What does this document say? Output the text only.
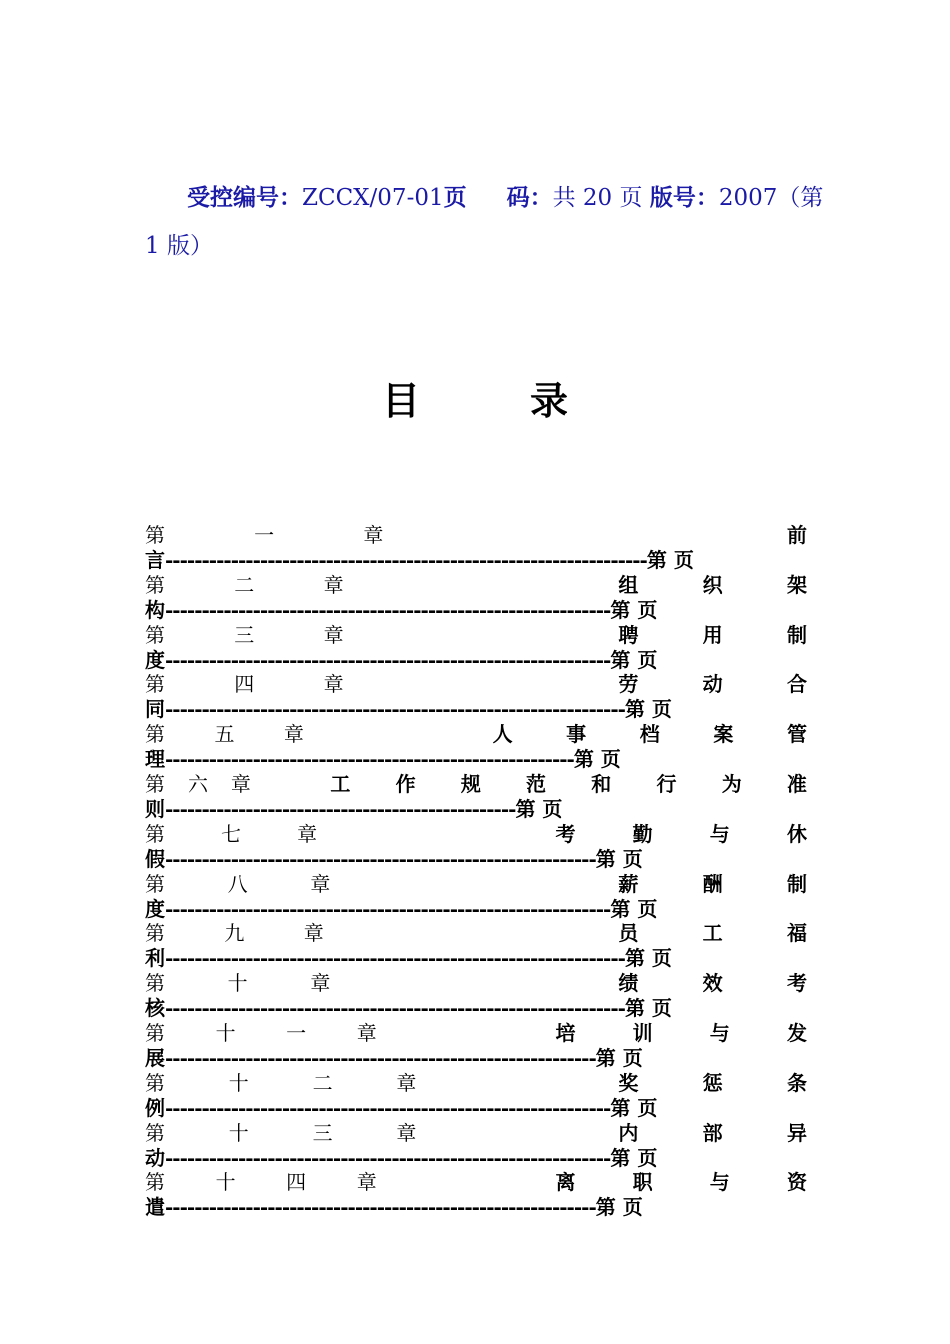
受控编号：ZCCX/07-01页 码：共 20 页 版号：2007（第
1 版）
目	录
第	一	章	前
言------------------------------------------------------------------第 页
第	二	章	组	织	架
构-------------------------------------------------------------第 页
第	三	章	聘	用	制
度-------------------------------------------------------------第 页
第	四	章	劳	动	合
同---------------------------------------------------------------第 页
第 五 章	人	事	档	案	管
理--------------------------------------------------------第 页
第 六 章	工 作 规 范 和 行 为 准
则------------------------------------------------第 页
第	七	章	考	勤	与	休
假-----------------------------------------------------------第 页
第	八	章	薪	酬	制
度-------------------------------------------------------------第 页
第	九	章	员	工	福
利---------------------------------------------------------------第 页
第	十	章	绩	效	考
核---------------------------------------------------------------第 页
第	十	一	章	培	训	与	发
展-----------------------------------------------------------第 页
第	十	二	章	奖	惩	条
例-------------------------------------------------------------第 页
第	十	三	章	内	部	异
动-------------------------------------------------------------第 页
第	十	四	章	离	职	与	资
遣-----------------------------------------------------------第 页
